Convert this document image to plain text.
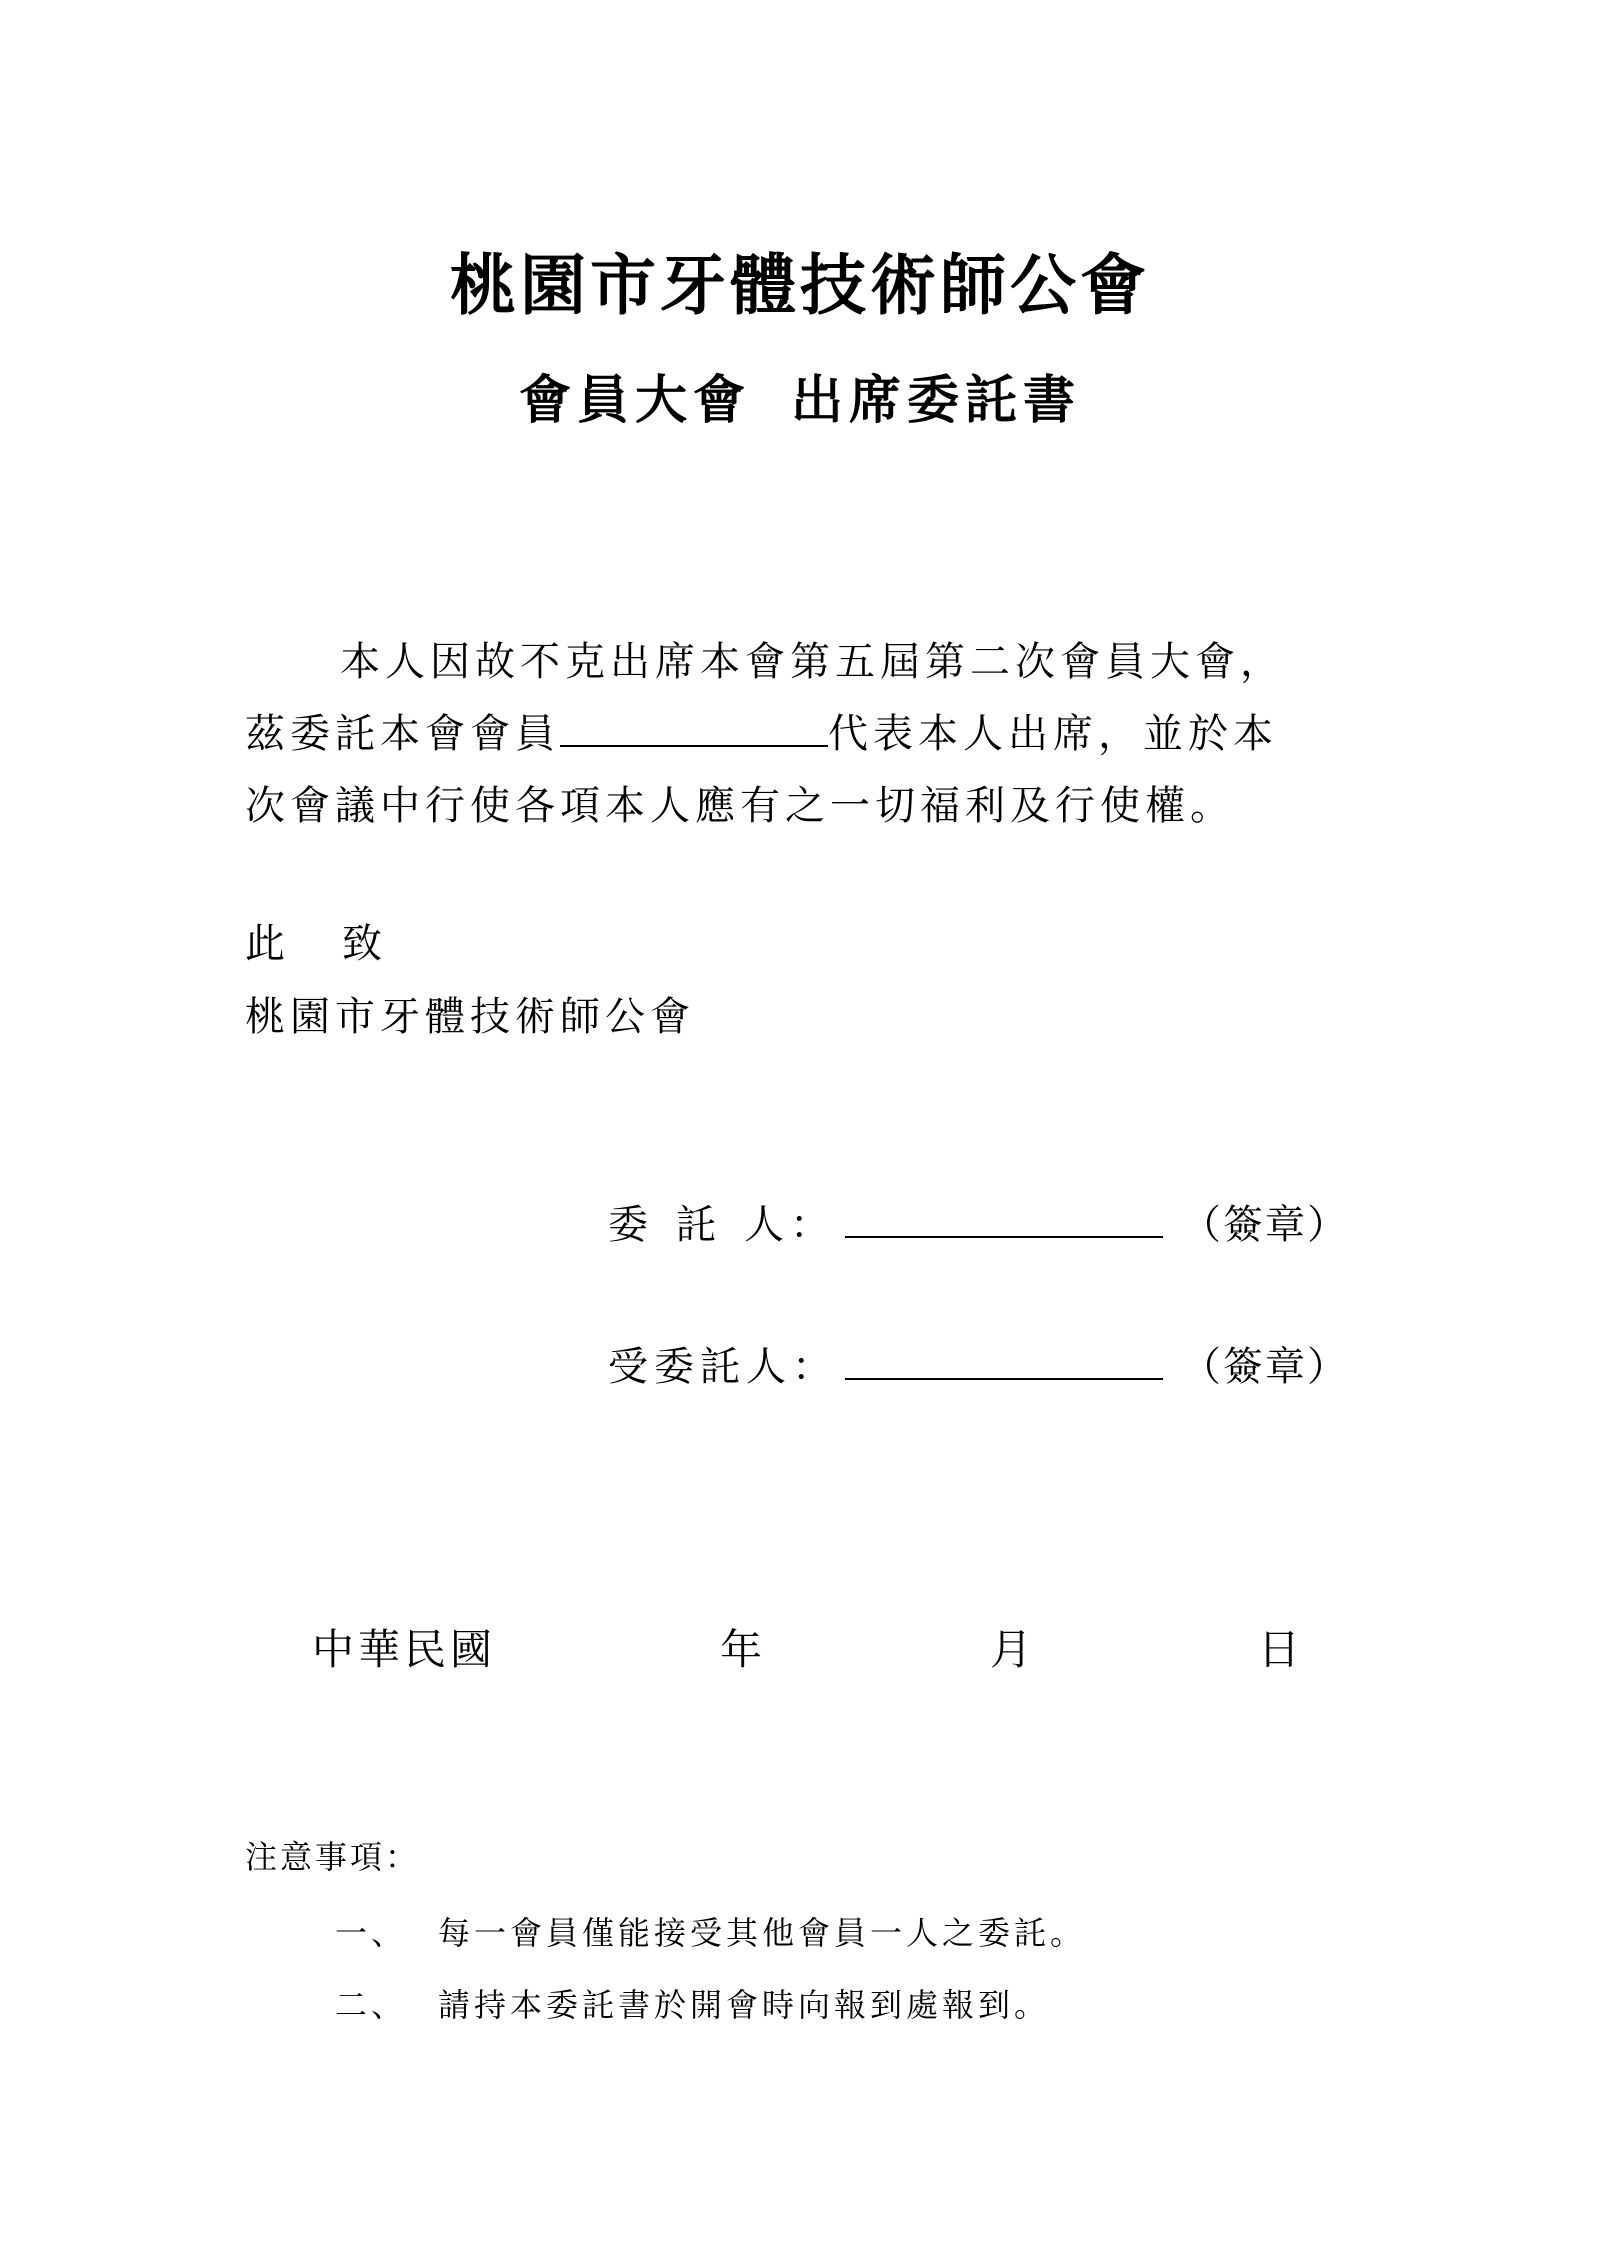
桃園市牙體技術師公會
會員大會 出席委託書
本人因故不克出席本會第五屆第二次會員大會，
茲委託本會會員	代表本人出席，並於本
次會議中行使各項本人應有之一切福利及行使權。
此 致
桃園市牙體技術師公會
委 託 人：	（簽章）
受委託人：	（簽章）
中華民國	年	月	日
注意事項：
一、 每一會員僅能接受其他會員一人之委託。
二、 請持本委託書於開會時向報到處報到。
